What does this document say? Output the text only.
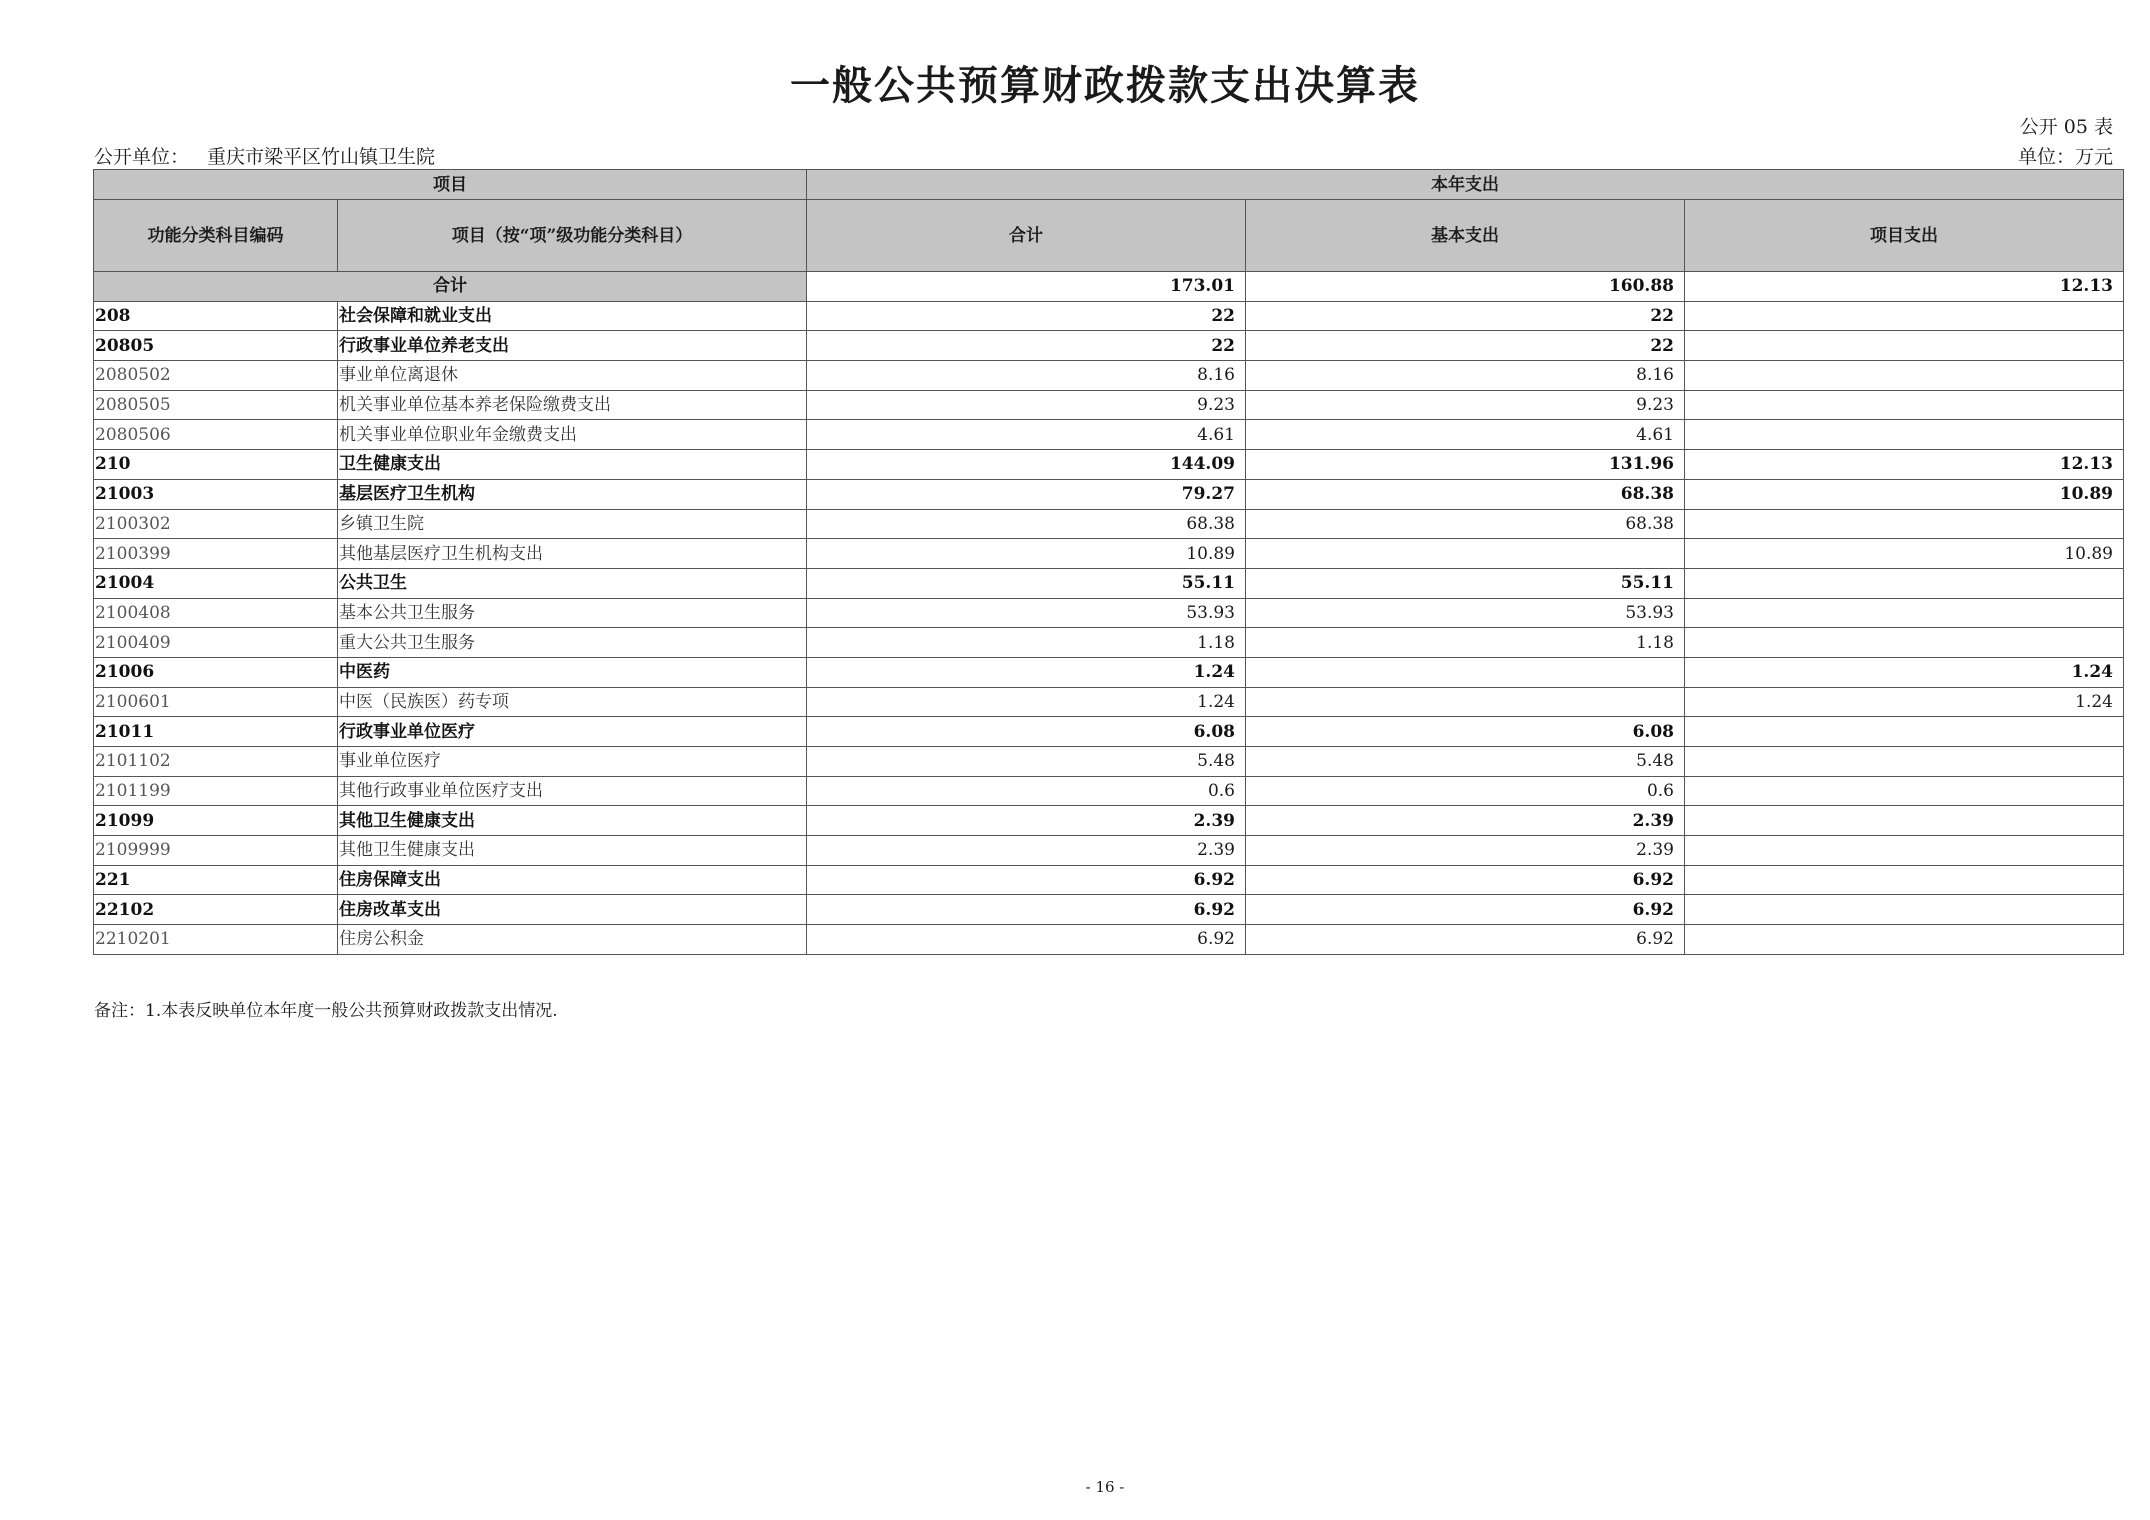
一般公共预算财政拨款支出决算表
公开 05 表
公开单位： 重庆市梁平区竹山镇卫生院	单位：万元
项目		本年支出		
功能分类科目编码	项目（按“项”级功能分类科目）	合计	基本支出	项目支出
合计		173.01	160.88	12.13
208	社会保障和就业支出	22	22	
20805	行政事业单位养老支出	22	22	
2080502	事业单位离退休	8.16	8.16	
2080505	机关事业单位基本养老保险缴费支出	9.23	9.23	
2080506	机关事业单位职业年金缴费支出	4.61	4.61	
210	卫生健康支出	144.09	131.96	12.13
21003	基层医疗卫生机构	79.27	68.38	10.89
2100302	乡镇卫生院	68.38	68.38	
2100399	其他基层医疗卫生机构支出	10.89		10.89
21004	公共卫生	55.11	55.11	
2100408	基本公共卫生服务	53.93	53.93	
2100409	重大公共卫生服务	1.18	1.18	
21006	中医药	1.24		1.24
2100601	中医（民族医）药专项	1.24		1.24
21011	行政事业单位医疗	6.08	6.08	
2101102	事业单位医疗	5.48	5.48	
2101199	其他行政事业单位医疗支出	0.6	0.6	
21099	其他卫生健康支出	2.39	2.39	
2109999	其他卫生健康支出	2.39	2.39	
221	住房保障支出	6.92	6.92	
22102	住房改革支出	6.92	6.92	
2210201	住房公积金	6.92	6.92	
备注：1.本表反映单位本年度一般公共预算财政拨款支出情况.
- 16 -
